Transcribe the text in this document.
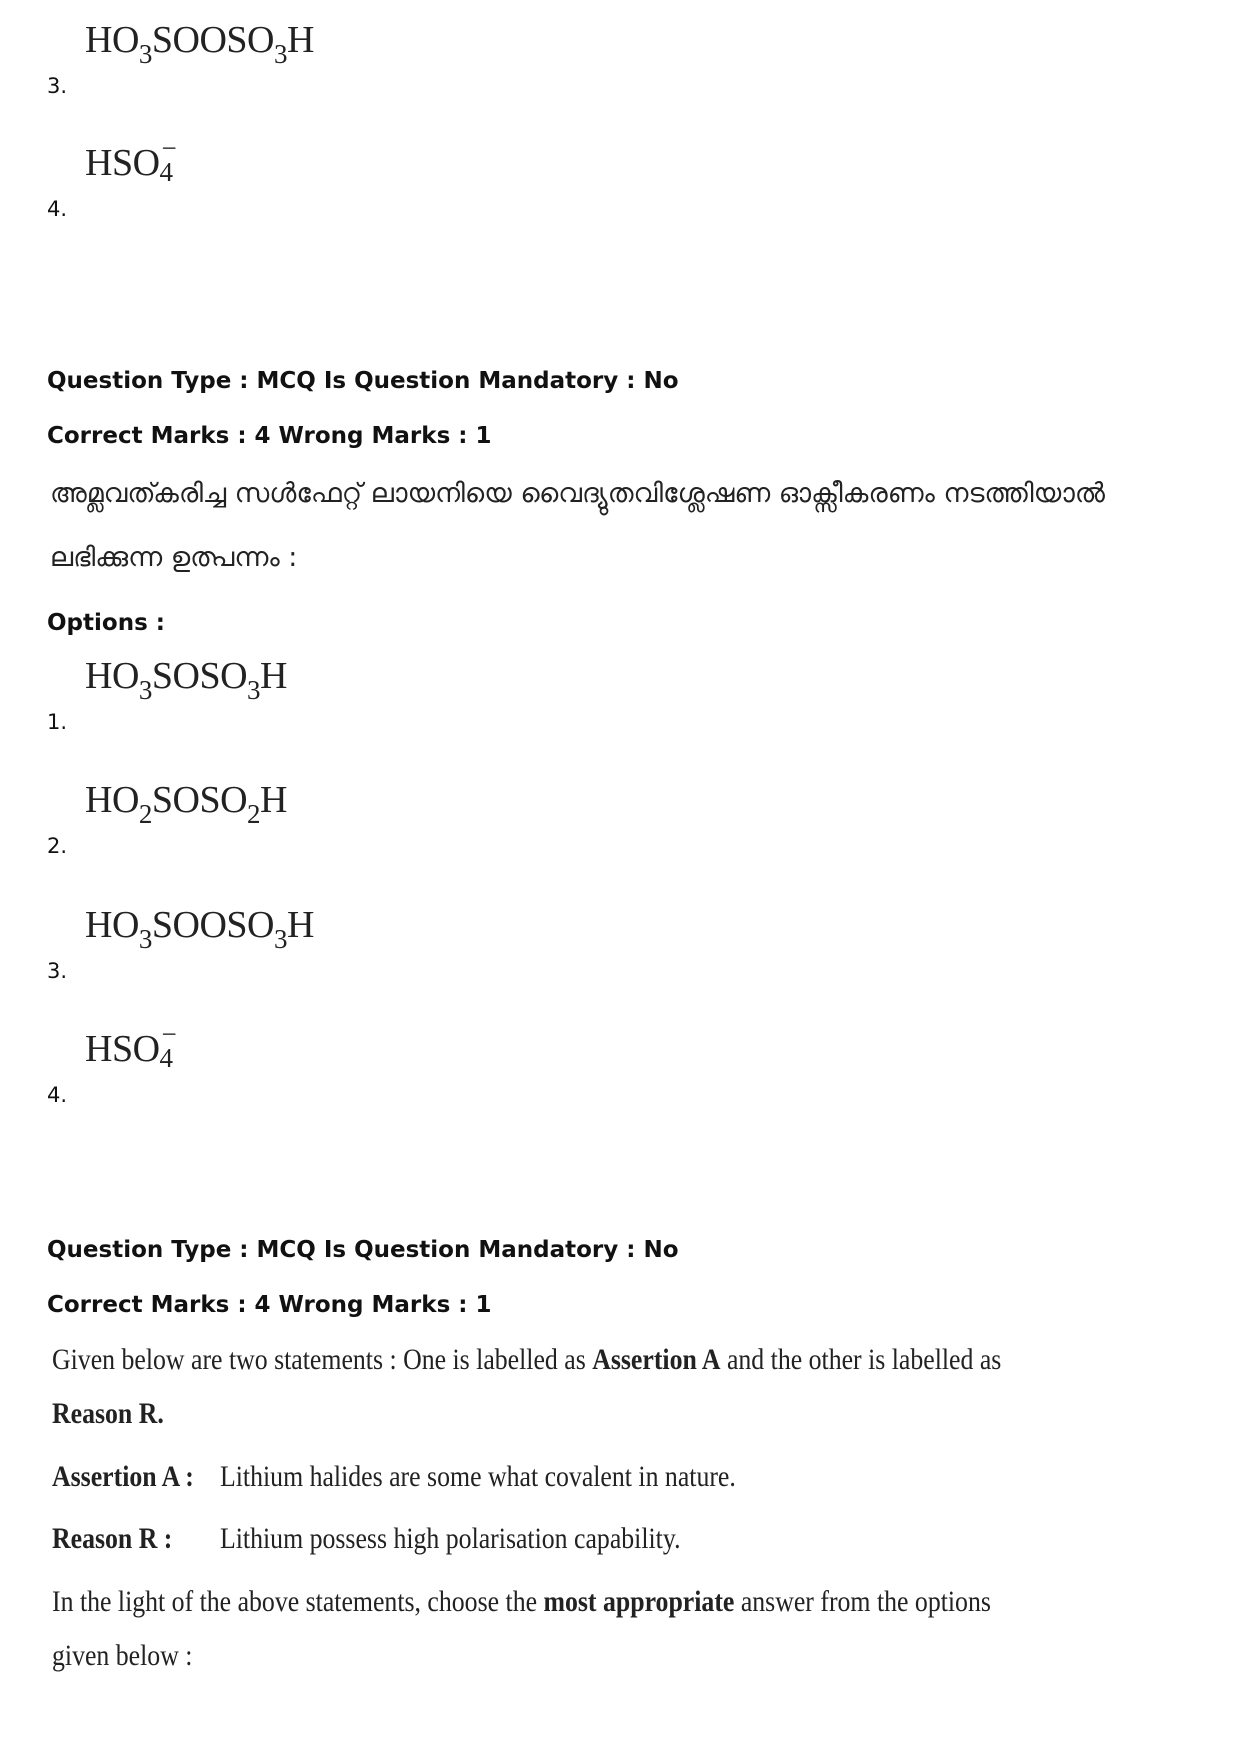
$HO_3SOOSO_3H$
3.
HSO −
4
4.
Question Type : MCQ Is Question Mandatory : No
Correct Marks : 4 Wrong Marks : 1
അമ്ലവത്കരിച്ച സൾഫേറ്റ് ലായനിയെ വൈദ്യുതവിശ്ലേഷണ ഓക്സീകരണം നടത്തിയാൽ
ലഭിക്കുന്ന ഉത്പന്നം :
Options :
$HO_3SOSO_3H$
1.
$HO_2SOSO_2H$
2.
$HO_3SOOSO_3H$
3.
HSO −
4
4.
Question Type : MCQ Is Question Mandatory : No
Correct Marks : 4 Wrong Marks : 1
Given below are two statements : One is labelled as Assertion A and the other is labelled as
Reason R.
Assertion A : Lithium halides are some what covalent in nature.
Reason R : Lithium possess high polarisation capability.
In the light of the above statements, choose the most appropriate answer from the options
given below :
